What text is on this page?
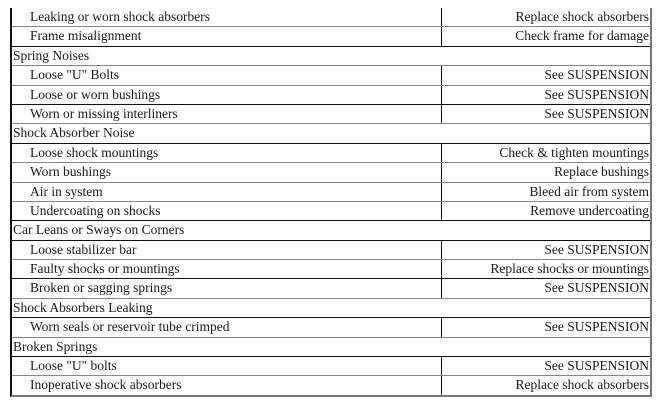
Leaking or worn shock absorbers	Replace shock absorbers
Frame misalignment	Check frame for damage
Spring Noises
Loose "U" Bolts	See SUSPENSION
Loose or worn bushings	See SUSPENSION
Worn or missing interliners	See SUSPENSION
Shock Absorber Noise
Loose shock mountings	Check & tighten mountings
Worn bushings	Replace bushings
Air in system	Bleed air from system
Undercoating on shocks	Remove undercoating
Car Leans or Sways on Corners
Loose stabilizer bar	See SUSPENSION
Faulty shocks or mountings	Replace shocks or mountings
Broken or sagging springs	See SUSPENSION
Shock Absorbers Leaking
Worn seals or reservoir tube crimped	See SUSPENSION
Broken Springs
Loose "U" bolts	See SUSPENSION
Inoperative shock absorbers	Replace shock absorbers
